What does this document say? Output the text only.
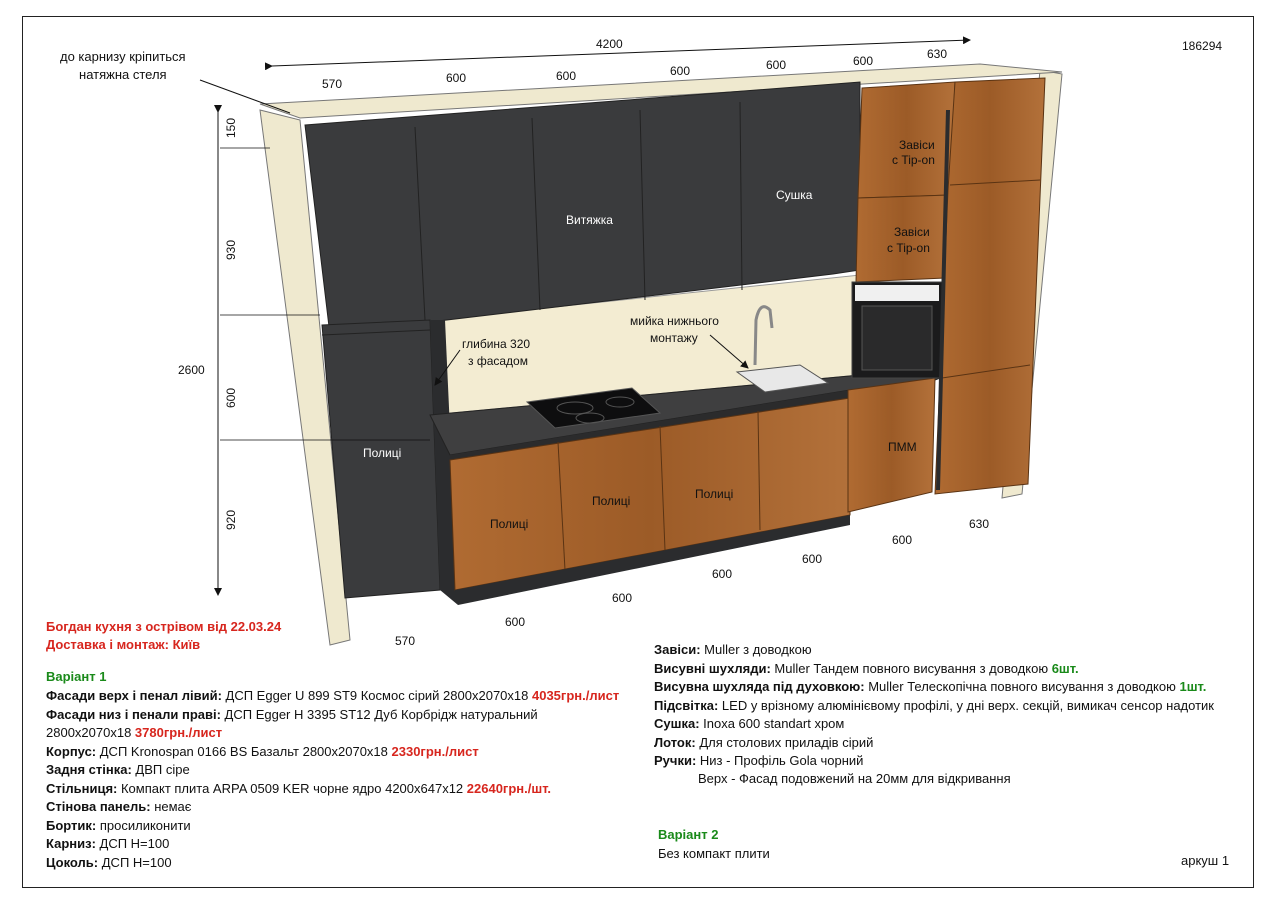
570	600	600	600	600	600	630
570
600
600
600
600
600
630
4200
2600
150
930
600
920
186294
Витяжка
Сушка
Полиці
Завіси
с Tip-on
Завіси
с Tip-on
глибина 320
з фасадом
мийка нижнього
монтажу
Полиці
Полиці	Полиці
ПММ
до карнизу кріпиться
натяжна стеля
Богдан кухня з острівом від 22.03.24
Доставка і монтаж: Київ
Варіант 1
Фасади верх і пенал лівий: ДСП Egger U 899 ST9 Космос сірий 2800х2070х18 4035грн./лист
Фасади низ і пенали праві: ДСП Egger H 3395 ST12 Дуб Корбрідж натуральний
2800х2070х18 3780грн./лист
Корпус: ДСП Kronospan 0166 BS Базальт 2800х2070х18 2330грн./лист
Задня стінка: ДВП сіре
Стільниця: Компакт плита ARPA 0509 KER чорне ядро 4200х647х12 22640грн./шт.
Стінова панель: немає
Бортик: просиликонити
Карниз: ДСП Н=100
Цоколь: ДСП Н=100
Завіси: Muller з доводкою
Висувні шухляди: Muller Тандем повного висування з доводкою 6шт.
Висувна шухляда під духовкою: Muller Телескопічна повного висування з доводкою 1шт.
Підсвітка: LED у врізному алюмінієвому профілі, у дні верх. секцій, вимикач сенсор надотик
Сушка: Inoxa 600 standart хром
Лоток: Для столових приладів сірий
Ручки: Низ - Профіль Gola чорний
Верх - Фасад подовжений на 20мм для відкривання
Варіант 2
Без компакт плити	аркуш 1
